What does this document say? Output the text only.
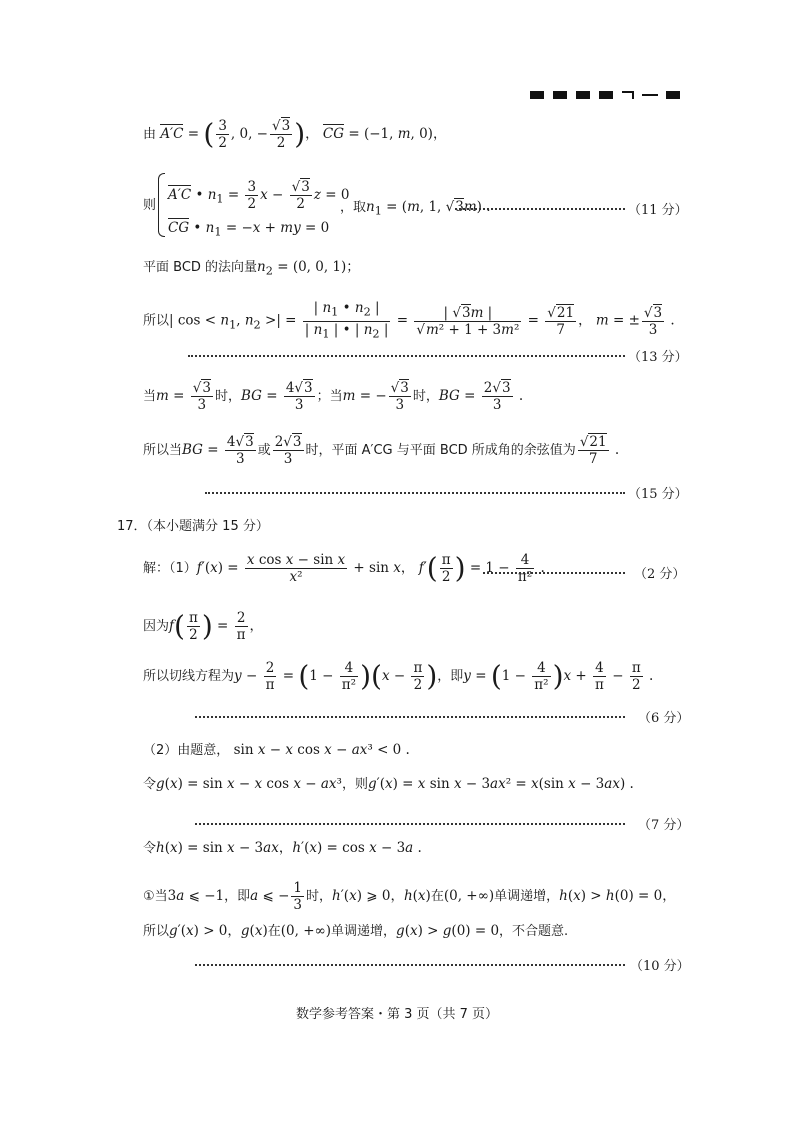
由 A′C = ( $\frac{3}{2}$ , 0, − $\frac{√3}{2}$ )， CG = (−1, m, 0)，
则
A′C • $n_1 = \frac{3}{2}$ $x - \frac{√3}{2}$ z = 0
CG • $n_1 = -x$ + my = 0
，取$n_1 = (m$, 1, √3m) .	（11 分）
平面 BCD 的法向量$n_2 = (0$, 0, 1)；
所以| $\cos < n_1$, $n_2$ >| = $\frac{| n_1 • n_2 |}{| n_1 | • | n_2 |} = \frac{| √3m |}{\text{√m² + 1 + 3m²}} = \frac{√21}{7}$ ， m = ± $\frac{√3}{3}$ .
（13 分）
当$m = \frac{√3}{3}$ 时，BG = $\frac{4√3}{3}$ ；当m = − $\frac{√3}{3}$ 时，BG = $\frac{2√3}{3}$ .
所以当BG = $\frac{4√3}{3}$ 或 $\frac{2√3}{3}$ 时，平面 A′CG 与平面 BCD 所成角的余弦值为 $\frac{√21}{7}$ .
（15 分）
17．（本小题满分 15 分）
解：$(1)f'(x) = \frac{\text{x cos x − sin x}}{\text{x²}} + \sin x$， $f'( \frac{\pi}{2}$ ) = $1 - \frac{4}{\text{π²}}$ .	（2 分）
因为$f( \frac{\pi}{2}$ ) = $\frac{2}{\pi}$ ，
所以切线方程为$y - \frac{2}{\pi} = (1 - \frac{4}{\text{π²}} )(x - \frac{\pi}{2}$ )，即$y = (1 - \frac{4}{\text{π²}} )x + \frac{4}{\pi} - \frac{\pi}{2}$ .
（6 分）
（2）由题意， sin x − x cos x − ax³ < 0 .
令g(x) = sin x − x cos x − ax³，则g′(x) = x sin x − 3ax² = x(sin x − 3ax) .
（7 分）
令h(x) = sin x − 3ax，h′(x) = cos x − 3a .
①当3a ⩽ −1，即a ⩽ − $\frac{1}{3}$ 时，h′(x) ⩾ 0，h(x)在(0, +∞)单调递增，h(x) > h(0) = 0，
所以g′(x) > 0，g(x)在(0, +∞)单调递增，g(x) > g(0) = 0，不合题意.
（10 分）
数学参考答案・第 3 页（共 7 页）
